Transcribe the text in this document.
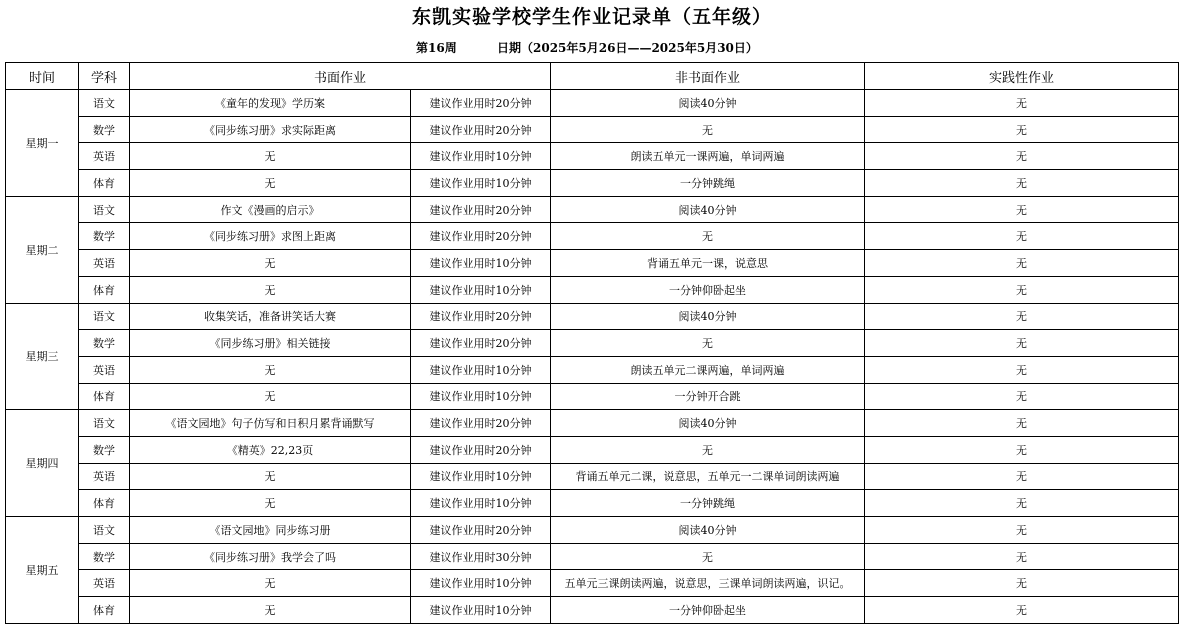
东凯实验学校学生作业记录单（五年级）
第16周	日期（2025年5月26日——2025年5月30日）
时间	学科	书面作业		非书面作业	实践性作业
星期一	语文	《童年的发现》学历案	建议作业用时20分钟	阅读40分钟	无
	数学	《同步练习册》求实际距离	建议作业用时20分钟	无	无
	英语	无	建议作业用时10分钟	朗读五单元一课两遍，单词两遍	无
	体育	无	建议作业用时10分钟	一分钟跳绳	无
星期二	语文	作文《漫画的启示》	建议作业用时20分钟	阅读40分钟	无
	数学	《同步练习册》求图上距离	建议作业用时20分钟	无	无
	英语	无	建议作业用时10分钟	背诵五单元一课，说意思	无
	体育	无	建议作业用时10分钟	一分钟仰卧起坐	无
星期三	语文	收集笑话，准备讲笑话大赛	建议作业用时20分钟	阅读40分钟	无
	数学	《同步练习册》相关链接	建议作业用时20分钟	无	无
	英语	无	建议作业用时10分钟	朗读五单元二课两遍，单词两遍	无
	体育	无	建议作业用时10分钟	一分钟开合跳	无
星期四	语文	《语文园地》句子仿写和日积月累背诵默写	建议作业用时20分钟	阅读40分钟	无
	数学	《精英》22,23页	建议作业用时20分钟	无	无
	英语	无	建议作业用时10分钟	背诵五单元二课，说意思，五单元一二课单词朗读两遍	无
	体育	无	建议作业用时10分钟	一分钟跳绳	无
星期五	语文	《语文园地》同步练习册	建议作业用时20分钟	阅读40分钟	无
	数学	《同步练习册》我学会了吗	建议作业用时30分钟	无	无
	英语	无	建议作业用时10分钟	五单元三课朗读两遍，说意思，三课单词朗读两遍，识记。	无
	体育	无	建议作业用时10分钟	一分钟仰卧起坐	无
